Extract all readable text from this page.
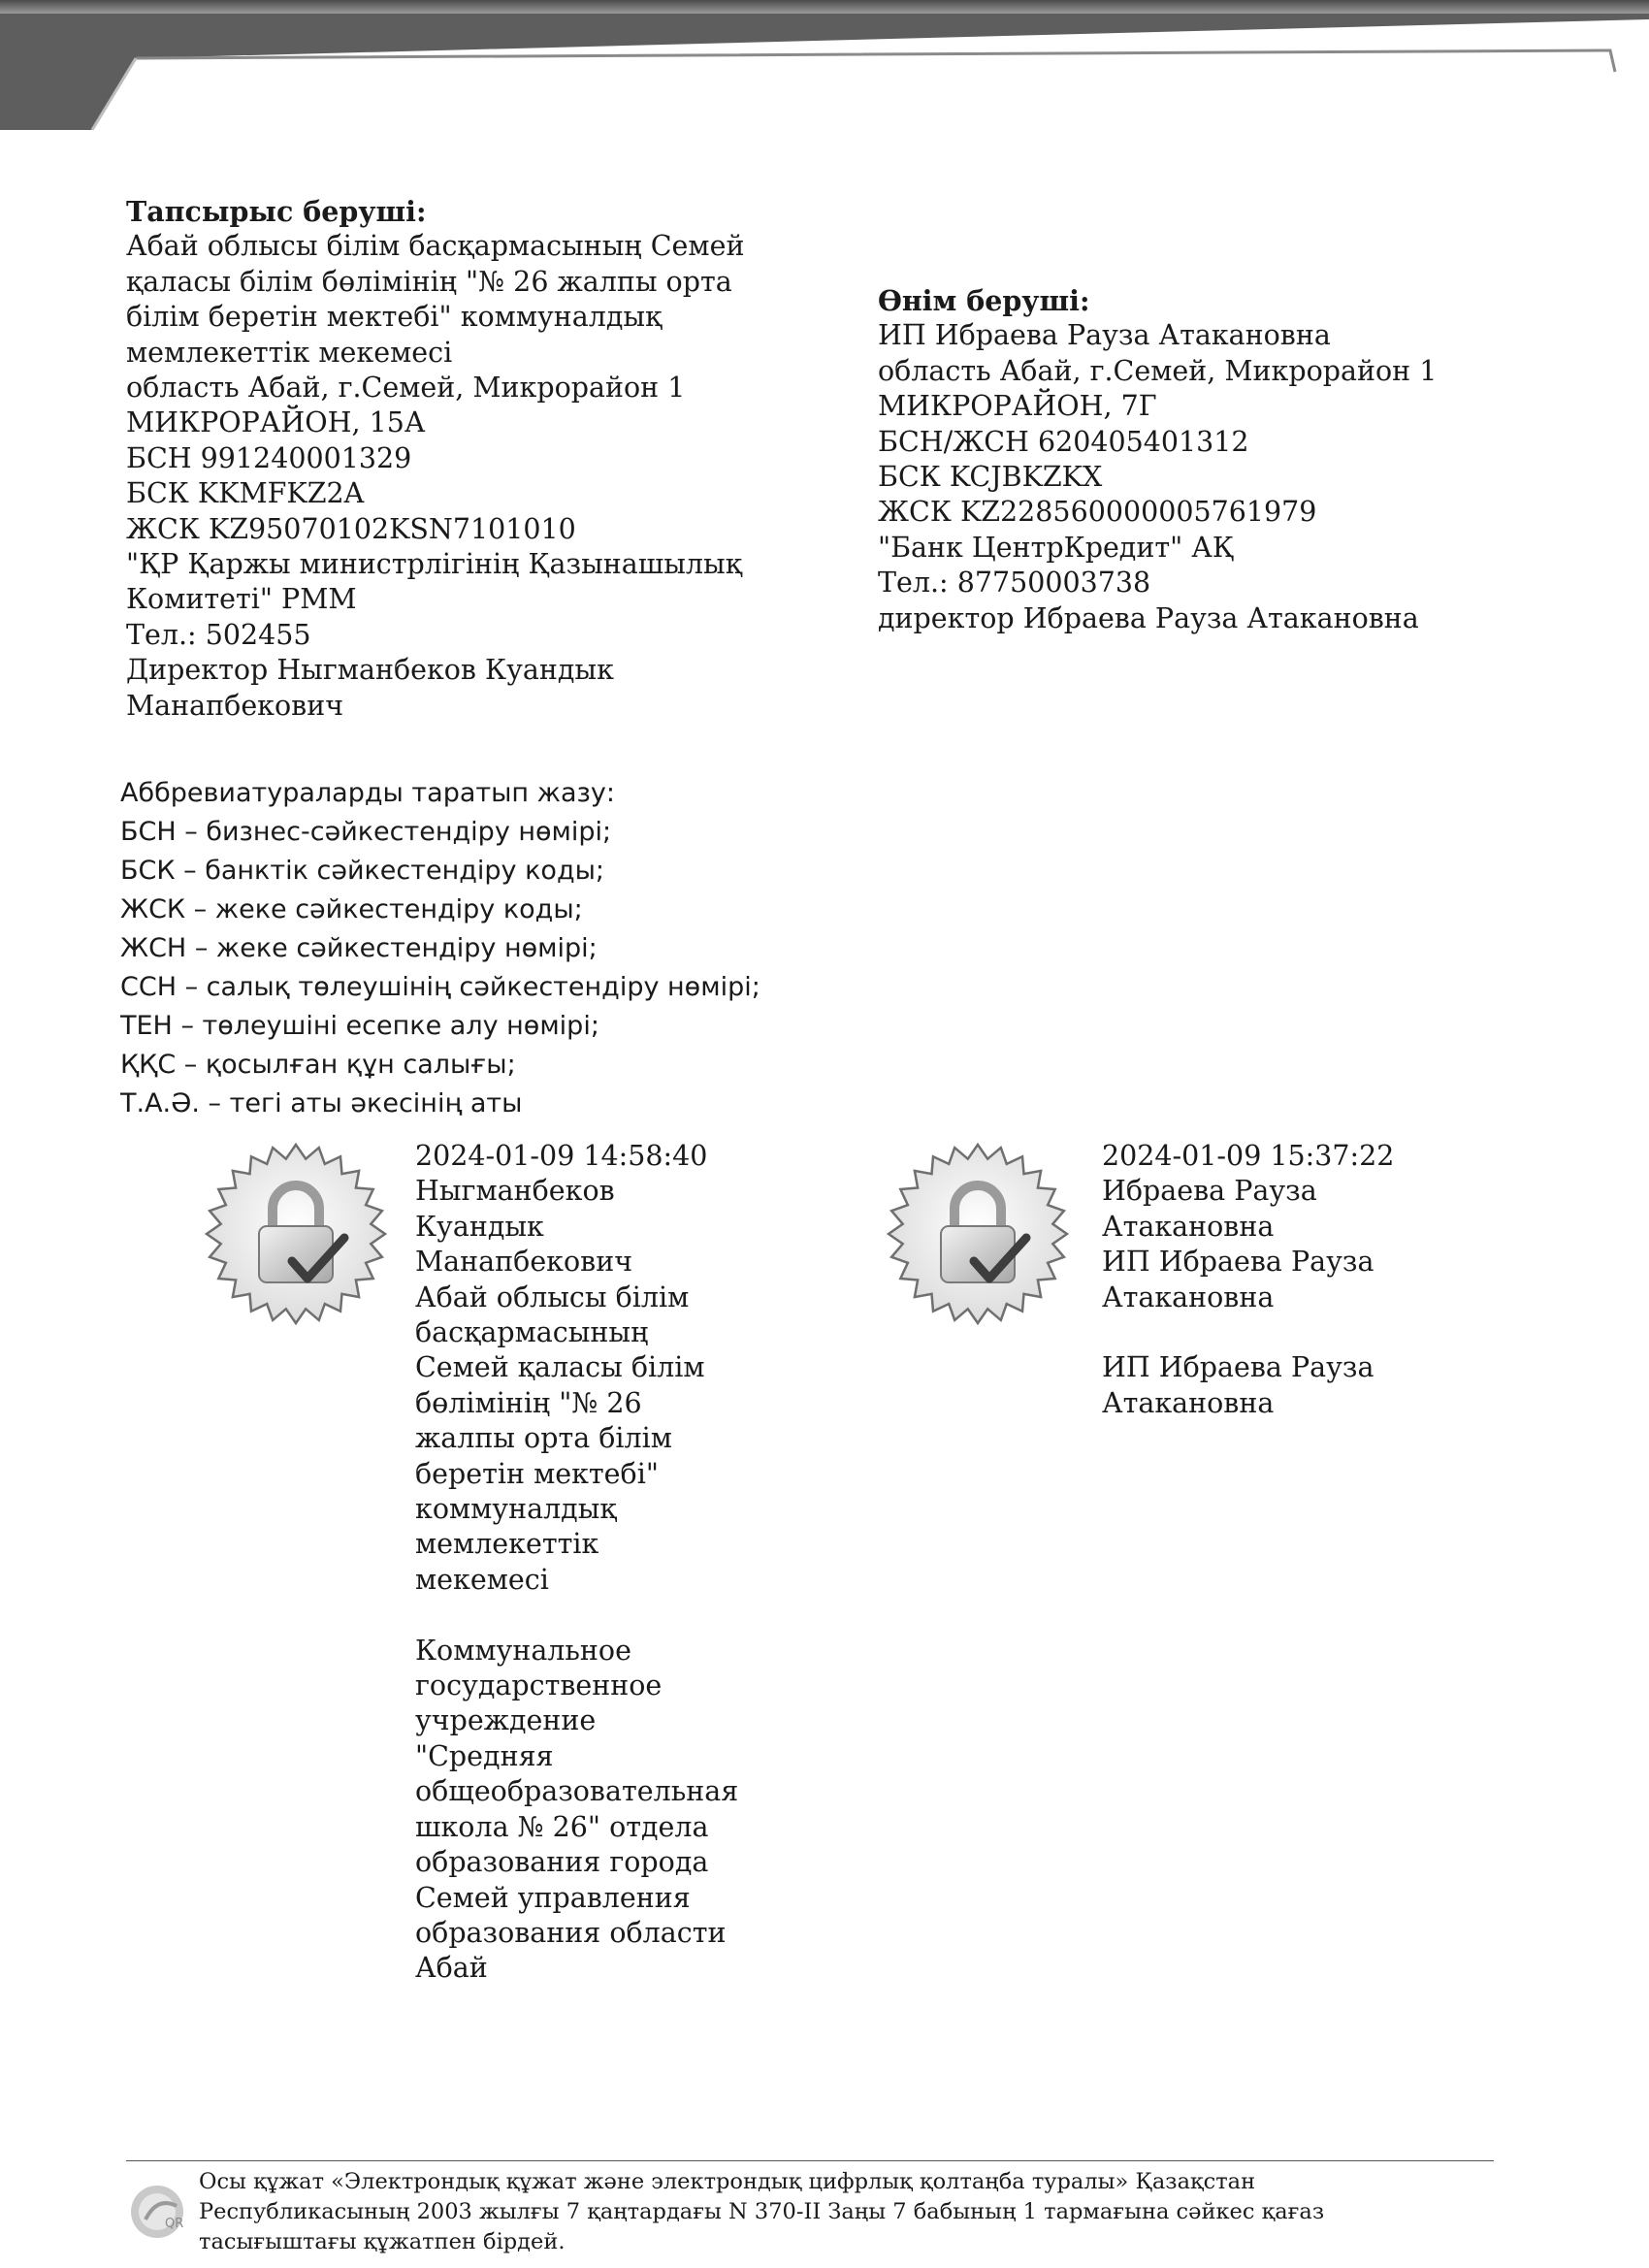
Тапсырыс беруші:
Абай облысы білім басқармасының Семей
қаласы білім бөлімінің "№ 26 жалпы орта
білім беретін мектебі" коммуналдық
мемлекеттік мекемесі
область Абай, г.Семей, Микрорайон 1
МИКРОРАЙОН, 15А
БСН 991240001329
БСК KKMFKZ2A
ЖСК KZ95070102KSN7101010
"ҚР Қаржы министрлігінің Қазынашылық
Комитеті" РММ
Тел.: 502455
Директор Ныгманбеков Куандык
Манапбекович
Өнім беруші:
ИП Ибраева Рауза Атакановна
область Абай, г.Семей, Микрорайон 1
МИКРОРАЙОН, 7Г
БСН/ЖСН 620405401312
БСК KCJBKZKX
ЖСК KZ228560000005761979
"Банк ЦентрКредит" АҚ
Тел.: 87750003738
директор Ибраева Рауза Атакановна
Аббревиатураларды таратып жазу:
БСН – бизнес-сәйкестендіру нөмірі;
БСК – банктік сәйкестендіру коды;
ЖСК – жеке сәйкестендіру коды;
ЖСН – жеке сәйкестендіру нөмірі;
ССН – салық төлеушінің сәйкестендіру нөмірі;
ТЕН – төлеушіні есепке алу нөмірі;
ҚҚС – қосылған құн салығы;
Т.А.Ә. – тегі аты әкесінің аты
2024-01-09 14:58:40
Ныгманбеков
Куандык
Манапбекович
Абай облысы білім
басқармасының
Семей қаласы білім
бөлімінің "№ 26
жалпы орта білім
беретін мектебі"
коммуналдық
мемлекеттік
мекемесі
Коммунальное
государственное
учреждение
"Средняя
общеобразовательная
школа № 26" отдела
образования города
Семей управления
образования области
Абай
2024-01-09 15:37:22
Ибраева Рауза
Атакановна
ИП Ибраева Рауза
Атакановна
ИП Ибраева Рауза
Атакановна
QR
Осы құжат «Электрондық құжат және электрондық цифрлық қолтаңба туралы» Қазақстан Республикасының 2003 жылғы 7 қаңтардағы N 370-II Заңы 7 бабының 1 тармағына сәйкес қағаз тасығыштағы құжатпен бірдей.
